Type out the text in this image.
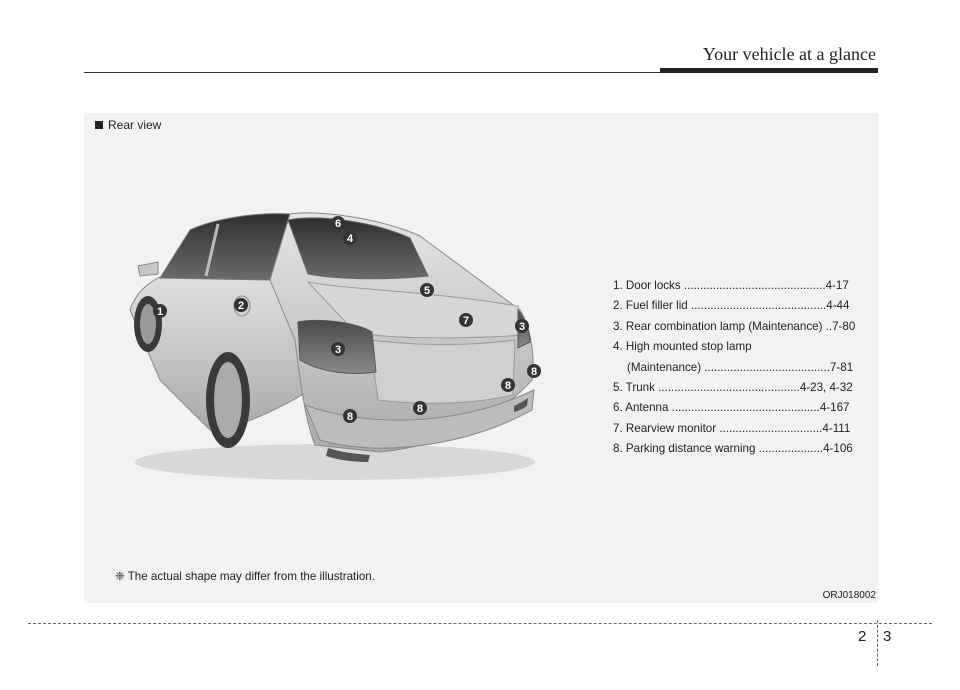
Your vehicle at a glance
Rear view
1	2
3
3
4
5
6
7
8
8
8
8
1. Door locks ............................................4-17
2. Fuel filler lid ..........................................4-44
3. Rear combination lamp (Maintenance) ..7-80
4. High mounted stop lamp
(Maintenance) .......................................7-81
5. Trunk ............................................4-23, 4-32
6. Antenna ..............................................4-167
7. Rearview monitor ................................4-111
8. Parking distance warning ....................4-106
❈ The actual shape may differ from the illustration.
ORJ018002
2 3
